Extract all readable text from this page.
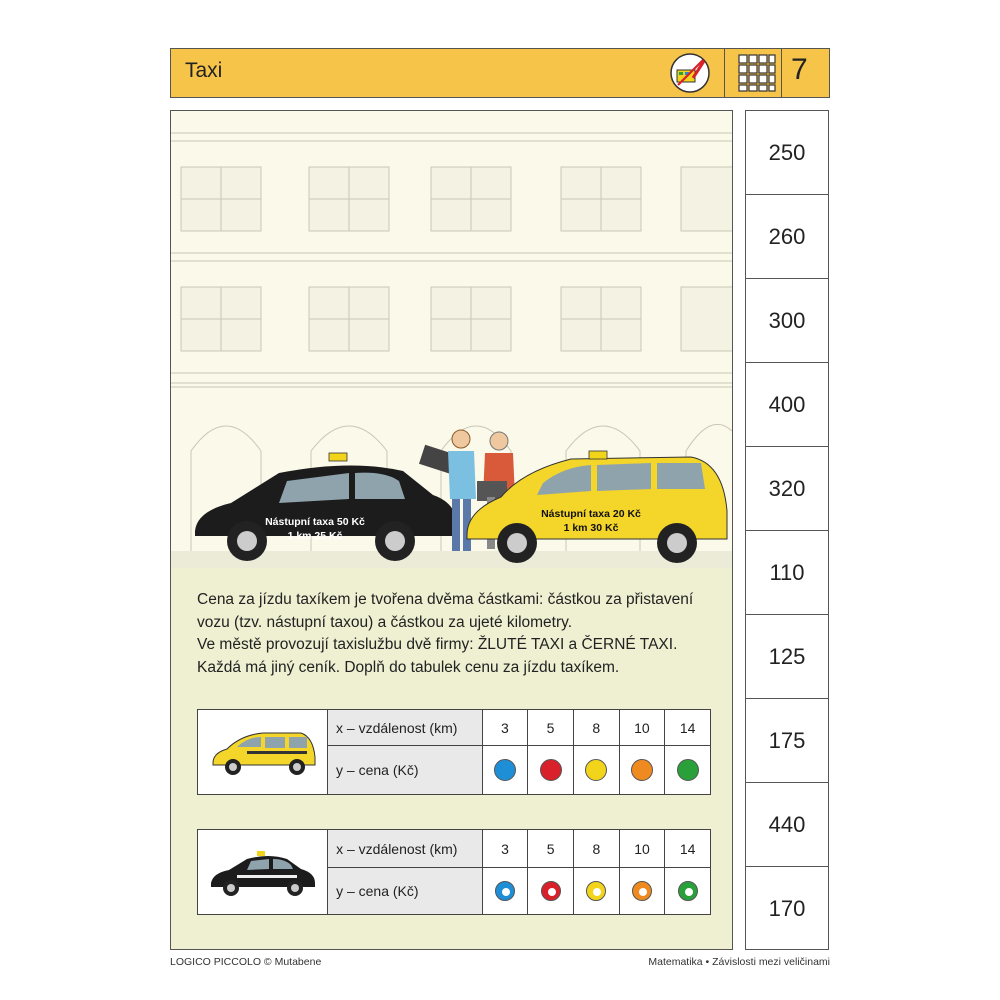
Taxi	7
Nástupní taxa 50 Kč
1 km 25 Kč
Nástupní taxa 20 Kč
1 km 30 Kč

Cena za jízdu taxíkem je tvořena dvěma částkami: částkou za přistavení

vozu (tzv. nástupní taxou) a částkou za ujeté kilometry.

Ve městě provozují taxislužbu dvě firmy: ŽLUTÉ TAXI a ČERNÉ TAXI.

Každá má jiný ceník. Doplň do tabulek cenu za jízdu taxíkem.

	x – vzdálenost (km)	3	5	8	10	14
	y – cena (Kč)					
	x – vzdálenost (km)	3	5	8	10	14
	y – cena (Kč)					
250
260
300
400
320
110
125
175
440
170
LOGICO PICCOLO © Mutabene	Matematika • Závislosti mezi veličinami
